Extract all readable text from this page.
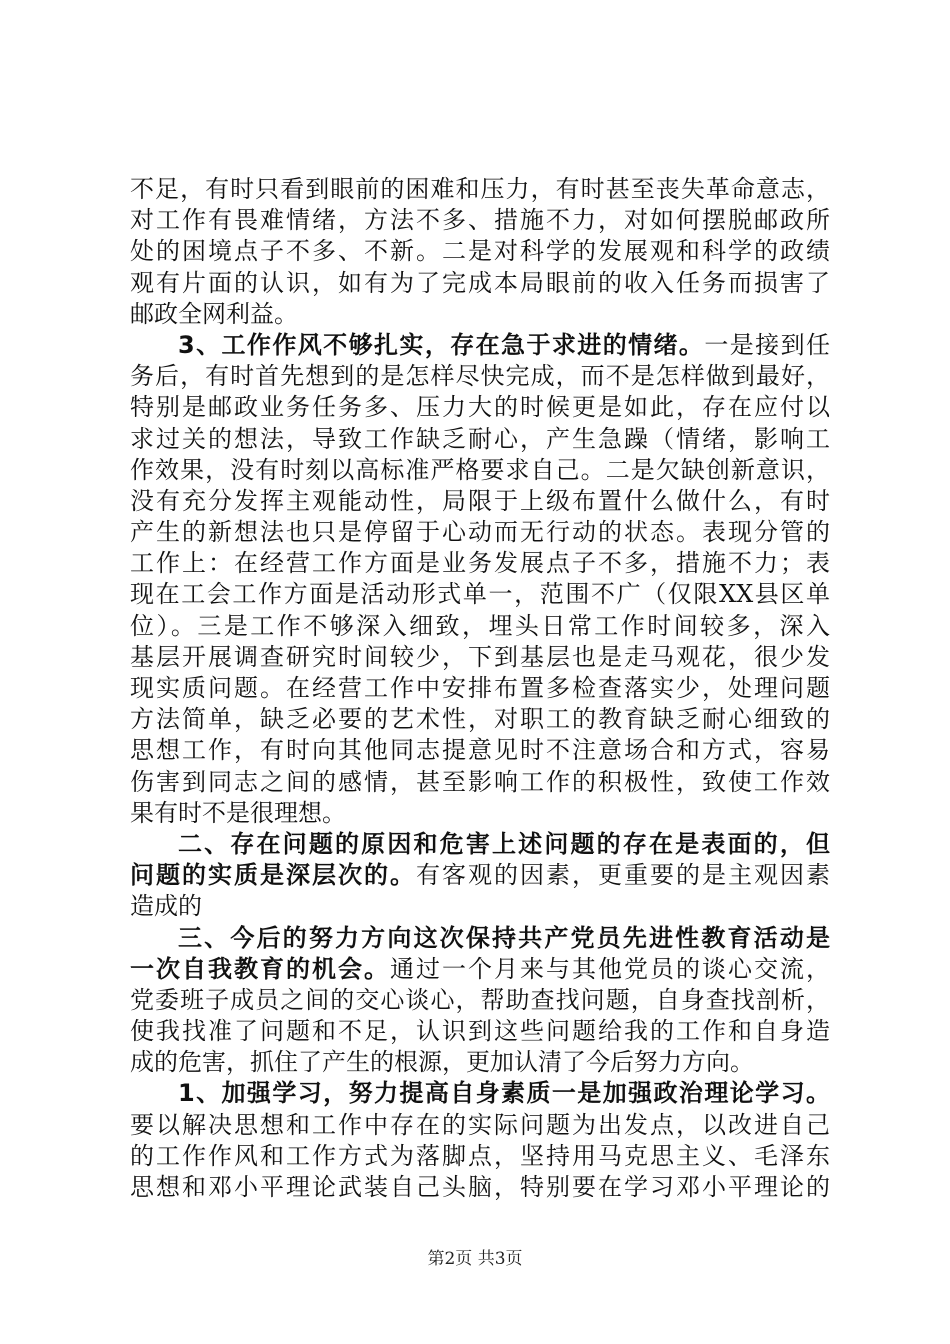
不足，有时只看到眼前的困难和压力，有时甚至丧失革命意志，
对工作有畏难情绪，方法不多、措施不力，对如何摆脱邮政所
处的困境点子不多、不新。二是对科学的发展观和科学的政绩
观有片面的认识，如有为了完成本局眼前的收入任务而损害了
邮政全网利益。
3、工作作风不够扎实，存在急于求进的情绪。一是接到任
务后，有时首先想到的是怎样尽快完成，而不是怎样做到最好，
特别是邮政业务任务多、压力大的时候更是如此，存在应付以
求过关的想法，导致工作缺乏耐心，产生急躁（情绪，影响工
作效果，没有时刻以高标准严格要求自己。二是欠缺创新意识，
没有充分发挥主观能动性，局限于上级布置什么做什么，有时
产生的新想法也只是停留于心动而无行动的状态。表现分管的
工作上：在经营工作方面是业务发展点子不多，措施不力；表
现在工会工作方面是活动形式单一，范围不广（仅限XX县区单
位）。三是工作不够深入细致，埋头日常工作时间较多，深入
基层开展调查研究时间较少，下到基层也是走马观花，很少发
现实质问题。在经营工作中安排布置多检查落实少，处理问题
方法简单，缺乏必要的艺术性，对职工的教育缺乏耐心细致的
思想工作，有时向其他同志提意见时不注意场合和方式，容易
伤害到同志之间的感情，甚至影响工作的积极性，致使工作效
果有时不是很理想。
二、存在问题的原因和危害上述问题的存在是表面的，但
问题的实质是深层次的。有客观的因素，更重要的是主观因素
造成的
三、今后的努力方向这次保持共产党员先进性教育活动是
一次自我教育的机会。通过一个月来与其他党员的谈心交流，
党委班子成员之间的交心谈心，帮助查找问题，自身查找剖析，
使我找准了问题和不足，认识到这些问题给我的工作和自身造
成的危害，抓住了产生的根源，更加认清了今后努力方向。
1、加强学习，努力提高自身素质一是加强政治理论学习。
要以解决思想和工作中存在的实际问题为出发点，以改进自己
的工作作风和工作方式为落脚点，坚持用马克思主义、毛泽东
思想和邓小平理论武装自己头脑，特别要在学习邓小平理论的
第2页 共3页
